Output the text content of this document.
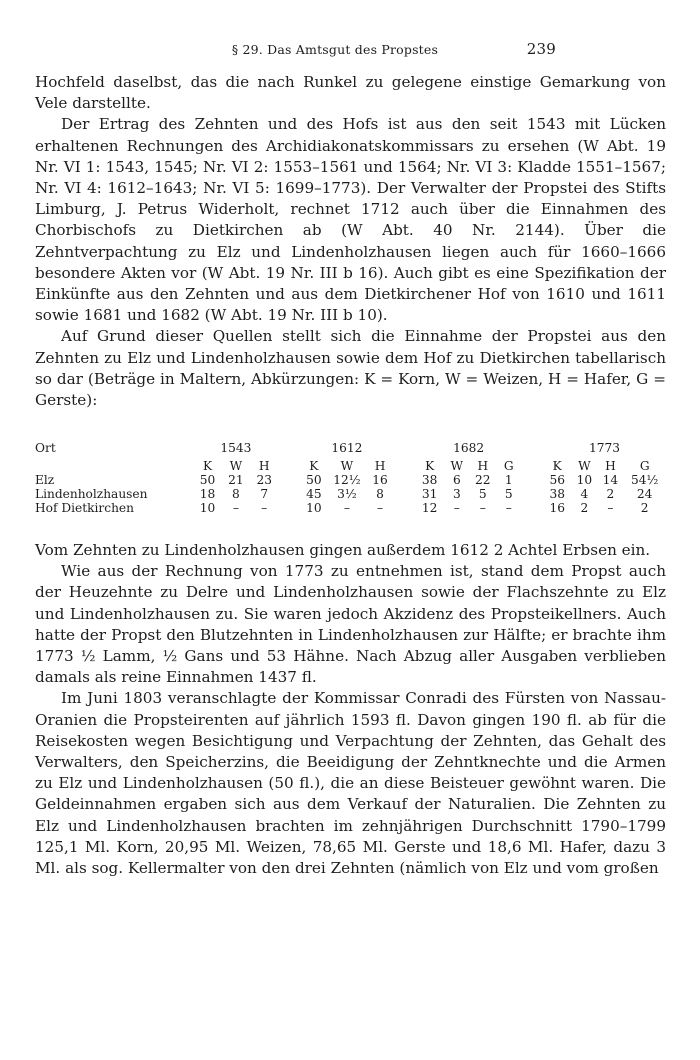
§ 29. Das Amtsgut des Propstes	239

Hochfeld daselbst, das die nach Runkel zu gelegene einstige Gemarkung von Vele darstellte.

Der Ertrag des Zehnten und des Hofs ist aus den seit 1543 mit Lücken erhaltenen Rechnungen des Archidiakonatskommissars zu ersehen (W Abt. 19 Nr. VI 1: 1543, 1545; Nr. VI 2: 1553–1561 und 1564; Nr. VI 3: Kladde 1551–1567; Nr. VI 4: 1612–1643; Nr. VI 5: 1699–1773). Der Verwalter der Propstei des Stifts Limburg, J. Petrus Widerholt, rechnet 1712 auch über die Einnahmen des Chorbischofs zu Dietkirchen ab (W Abt. 40 Nr. 2144). Über die Zehntverpachtung zu Elz und Lindenholzhausen liegen auch für 1660–1666 besondere Akten vor (W Abt. 19 Nr. III b 16). Auch gibt es eine Spezifikation der Einkünfte aus den Zehnten und aus dem Dietkirchener Hof von 1610 und 1611 sowie 1681 und 1682 (W Abt. 19 Nr. III b 10).

Auf Grund dieser Quellen stellt sich die Einnahme der Propstei aus den Zehnten zu Elz und Lindenholzhausen sowie dem Hof zu Dietkirchen tabellarisch so dar (Beträge in Maltern, Abkürzungen: K = Korn, W = Weizen, H = Hafer, G = Gerste):

Ort	1543				1612				1682					1773			
	K	W	H		K	W	H		K	W	H	G		K	W	H	G
Elz	50	21	23		50	12½	16		38	6	22	1		56	10	14	54½
Lindenholzhausen	18	8	7		45	3½	8		31	3	5	5		38	4	2	24
Hof Dietkirchen	10	–	–		10	–	–		12	–	–	–		16	2	–	2

Vom Zehnten zu Lindenholzhausen gingen außerdem 1612 2 Achtel Erbsen ein.

Wie aus der Rechnung von 1773 zu entnehmen ist, stand dem Propst auch der Heuzehnte zu Delre und Lindenholzhausen sowie der Flachszehnte zu Elz und Lindenholzhausen zu. Sie waren jedoch Akzidenz des Propsteikellners. Auch hatte der Propst den Blutzehnten in Lindenholzhausen zur Hälfte; er brachte ihm 1773 ½ Lamm, ½ Gans und 53 Hähne. Nach Abzug aller Ausgaben verblieben damals als reine Einnahmen 1437 fl.

Im Juni 1803 veranschlagte der Kommissar Conradi des Fürsten von Nassau-Oranien die Propsteirenten auf jährlich 1593 fl. Davon gingen 190 fl. ab für die Reisekosten wegen Besichtigung und Verpachtung der Zehnten, das Gehalt des Verwalters, den Speicherzins, die Beeidigung der Zehntknechte und die Armen zu Elz und Lindenholzhausen (50 fl.), die an diese Beisteuer gewöhnt waren. Die Geldeinnahmen ergaben sich aus dem Verkauf der Naturalien. Die Zehnten zu Elz und Lindenholzhausen brachten im zehnjährigen Durchschnitt 1790–1799 125,1 Ml. Korn, 20,95 Ml. Weizen, 78,65 Ml. Gerste und 18,6 Ml. Hafer, dazu 3 Ml. als sog. Kellermalter von den drei Zehnten (nämlich von Elz und vom großen
